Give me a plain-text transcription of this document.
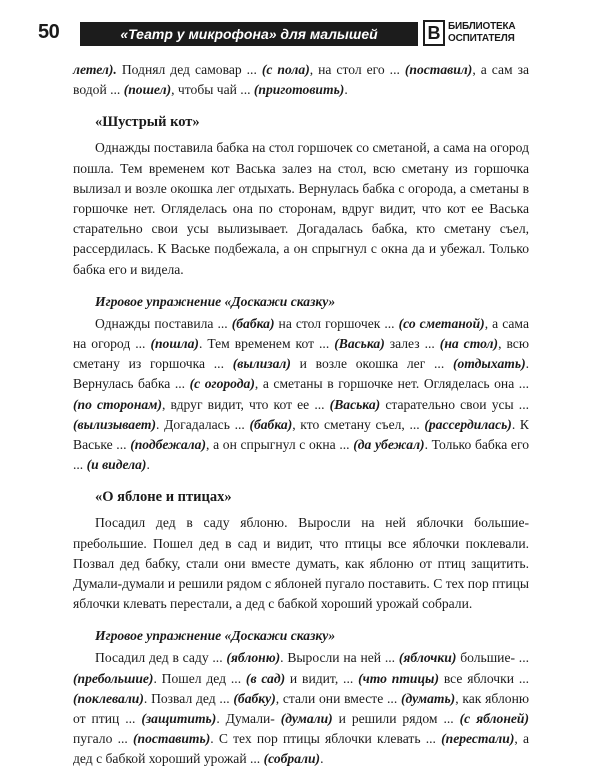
50	«Театр у микрофона» для малышей	В БИБЛИОТЕКА
ОСПИТАТЕЛЯ

летел). Поднял дед самовар ... (с пола), на стол его ... (поставил), а сам за водой ... (пошел), чтобы чай ... (приготовить).

«Шустрый кот»

Однажды поставила бабка на стол горшочек со сметаной, а сама на огород пошла. Тем временем кот Васька залез на стол, всю сметану из горшочка вылизал и возле окошка лег отдыхать. Вернулась бабка с огорода, а сметаны в горшочке нет. Огляделась она по сторонам, вдруг видит, что кот ее Васька старательно свои усы вылизывает. Догадалась бабка, кто сметану съел, рассердилась. К Ваське подбежала, а он спрыгнул с окна да и убежал. Только бабка его и видела.

Игровое упражнение «Доскажи сказку»

Однажды поставила ... (бабка) на стол горшочек ... (со сметаной), а сама на огород ... (пошла). Тем временем кот ... (Васька) залез ... (на стол), всю сметану из горшочка ... (вылизал) и возле окошка лег ... (отдыхать). Вернулась бабка ... (с огорода), а сметаны в горшочке нет. Огляделась она ... (по сторонам), вдруг видит, что кот ее ... (Васька) старательно свои усы ... (вылизывает). Догадалась ... (бабка), кто сметану съел, ... (рассердилась). К Ваське ... (подбежала), а он спрыгнул с окна ... (да убежал). Только бабка его ... (и видела).

«О яблоне и птицах»

Посадил дед в саду яблоню. Выросли на ней яблочки большие-пребольшие. Пошел дед в сад и видит, что птицы все яблочки поклевали. Позвал дед бабку, стали они вместе думать, как яблоню от птиц защитить. Думали-думали и решили рядом с яблоней пугало поставить. С тех пор птицы яблочки клевать перестали, а дед с бабкой хороший урожай собрали.

Игровое упражнение «Доскажи сказку»

Посадил дед в саду ... (яблоню). Выросли на ней ... (яблочки) большие- ... (пребольшие). Пошел дед ... (в сад) и видит, ... (что птицы) все яблочки ... (поклевали). Позвал дед ... (бабку), стали они вместе ... (думать), как яблоню от птиц ... (защитить). Думали- (думали) и решили рядом ... (с яблоней) пугало ... (поставить). С тех пор птицы яблочки клевать ... (перестали), а дед с бабкой хороший урожай ... (собрали).
